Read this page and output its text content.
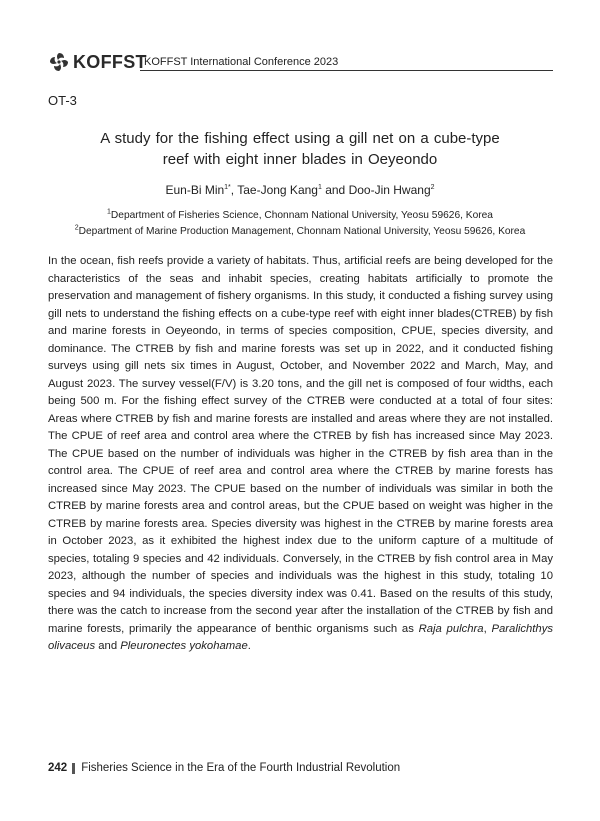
KOFFST
KOFFST International Conference 2023
OT-3
A study for the fishing effect using a gill net on a cube-type
reef with eight inner blades in Oeyeondo
Eun-Bi Min$^{1*}$, Tae-Jong Kang$^1$ and Doo-Jin Hwang$^2$
$^1$Department of Fisheries Science, Chonnam National University, Yeosu 59626, Korea
$^2$Department of Marine Production Management, Chonnam National University, Yeosu 59626, Korea

In the ocean, fish reefs provide a variety of habitats. Thus, artificial reefs are being developed for the characteristics of the seas and inhabit species, creating habitats artificially to promote the preservation and management of fishery organisms. In this study, it conducted a fishing survey using gill nets to understand the fishing effects on a cube-type reef with eight inner blades(CTREB) by fish and marine forests in Oeyeondo, in terms of species composition, CPUE, species diversity, and dominance. The CTREB by fish and marine forests was set up in 2022, and it conducted fishing surveys using gill nets six times in August, October, and November 2022 and March, May, and August 2023. The survey vessel(F/V) is 3.20 tons, and the gill net is composed of four widths, each being 500 m. For the fishing effect survey of the CTREB were conducted at a total of four sites: Areas where CTREB by fish and marine forests are installed and areas where they are not installed. The CPUE of reef area and control area where the CTREB by fish has increased since May 2023. The CPUE based on the number of individuals was higher in the CTREB by fish area than in the control area. The CPUE of reef area and control area where the CTREB by marine forests has increased since May 2023. The CPUE based on the number of individuals was similar in both the CTREB by marine forests area and control areas, but the CPUE based on weight was higher in the CTREB by marine forests area. Species diversity was highest in the CTREB by marine forests area in October 2023, as it exhibited the highest index due to the uniform capture of a multitude of species, totaling 9 species and 42 individuals. Conversely, in the CTREB by fish control area in May 2023, although the number of species and individuals was the highest in this study, totaling 10 species and 94 individuals, the species diversity index was 0.41. Based on the results of this study, there was the catch to increase from the second year after the installation of the CTREB by fish and marine forests, primarily the appearance of benthic organisms such as Raja pulchra, Paralichthys olivaceus and Pleuronectes yokohamae.

242 Fisheries Science in the Era of the Fourth Industrial Revolution
